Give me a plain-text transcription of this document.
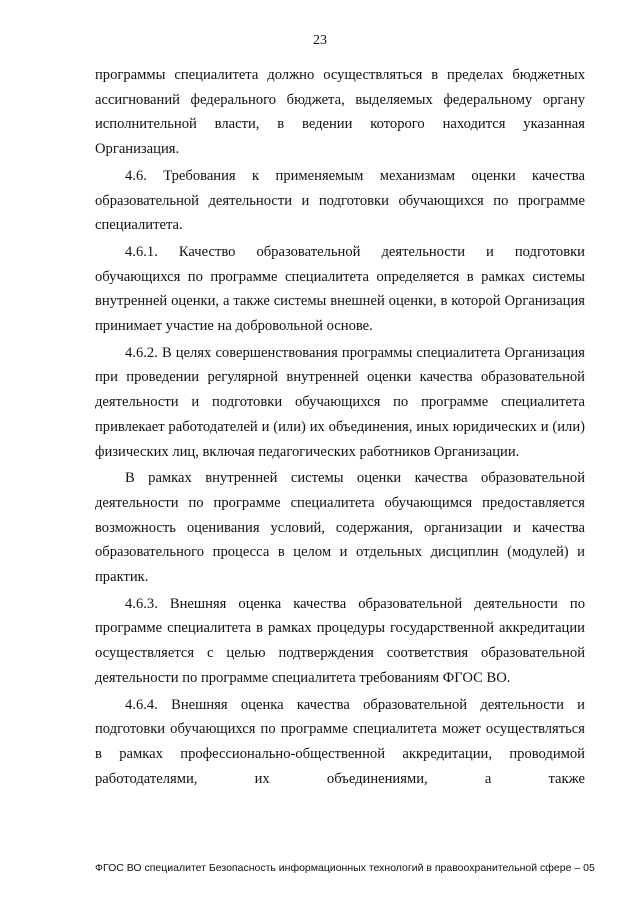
23

программы специалитета должно осуществляться в пределах бюджетных ассигнований федерального бюджета, выделяемых федеральному органу исполнительной власти, в ведении которого находится указанная Организация.

4.6. Требования к применяемым механизмам оценки качества образовательной деятельности и подготовки обучающихся по программе специалитета.

4.6.1. Качество образовательной деятельности и подготовки обучающихся по программе специалитета определяется в рамках системы внутренней оценки, а также системы внешней оценки, в которой Организация принимает участие на добровольной основе.

4.6.2. В целях совершенствования программы специалитета Организация при проведении регулярной внутренней оценки качества образовательной деятельности и подготовки обучающихся по программе специалитета привлекает работодателей и (или) их объединения, иных юридических и (или) физических лиц, включая педагогических работников Организации.

В рамках внутренней системы оценки качества образовательной деятельности по программе специалитета обучающимся предоставляется возможность оценивания условий, содержания, организации и качества образовательного процесса в целом и отдельных дисциплин (модулей) и практик.

4.6.3. Внешняя оценка качества образовательной деятельности по программе специалитета в рамках процедуры государственной аккредитации осуществляется с целью подтверждения соответствия образовательной деятельности по программе специалитета требованиям ФГОС ВО.

4.6.4. Внешняя оценка качества образовательной деятельности и подготовки обучающихся по программе специалитета может осуществляться в рамках профессионально-общественной аккредитации, проводимой работодателями, их объединениями, а также

ФГОС ВО специалитет Безопасность информационных технологий в правоохранительной сфере – 05
